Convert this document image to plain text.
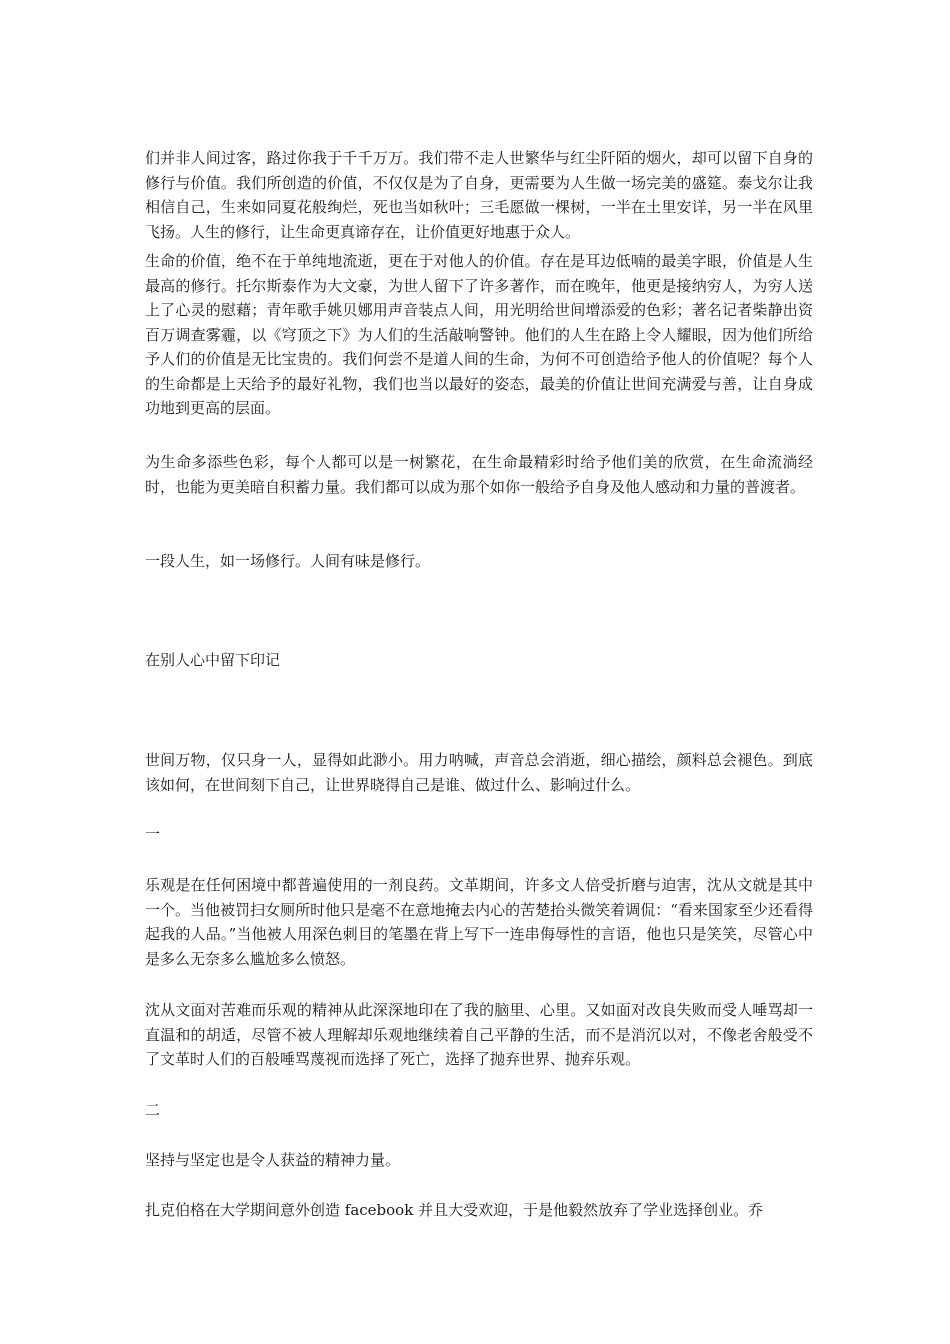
们并非人间过客，路过你我于千千万万。我们带不走人世繁华与红尘阡陌的烟火，却可以留下自身的修行与价值。我们所创造的价值，不仅仅是为了自身，更需要为人生做一场完美的盛筵。泰戈尔让我相信自己，生来如同夏花般绚烂，死也当如秋叶；三毛愿做一棵树，一半在土里安详，另一半在风里飞扬。人生的修行，让生命更真谛存在，让价值更好地惠于众人。

生命的价值，绝不在于单纯地流逝，更在于对他人的价值。存在是耳边低喃的最美字眼，价值是人生最高的修行。托尔斯泰作为大文豪，为世人留下了许多著作，而在晚年，他更是接纳穷人，为穷人送上了心灵的慰藉；青年歌手姚贝娜用声音装点人间，用光明给世间增添爱的色彩；著名记者柴静出资百万调查雾霾，以《穹顶之下》为人们的生活敲响警钟。他们的人生在路上令人耀眼，因为他们所给予人们的价值是无比宝贵的。我们何尝不是道人间的生命，为何不可创造给予他人的价值呢？每个人的生命都是上天给予的最好礼物，我们也当以最好的姿态，最美的价值让世间充满爱与善，让自身成功地到更高的层面。

为生命多添些色彩，每个人都可以是一树繁花，在生命最精彩时给予他们美的欣赏，在生命流淌经时，也能为更美暗自积蓄力量。我们都可以成为那个如你一般给予自身及他人感动和力量的普渡者。

一段人生，如一场修行。人间有味是修行。

在别人心中留下印记

世间万物，仅只身一人，显得如此渺小。用力呐喊，声音总会消逝，细心描绘，颜料总会褪色。到底该如何，在世间刻下自己，让世界晓得自己是谁、做过什么、影响过什么。

一

乐观是在任何困境中都普遍使用的一剂良药。文革期间，许多文人倍受折磨与迫害，沈从文就是其中一个。当他被罚扫女厕所时他只是毫不在意地掩去内心的苦楚抬头微笑着调侃：“看来国家至少还看得起我的人品。”当他被人用深色刺目的笔墨在背上写下一连串侮辱性的言语，他也只是笑笑，尽管心中是多么无奈多么尴尬多么愤怒。

沈从文面对苦难而乐观的精神从此深深地印在了我的脑里、心里。又如面对改良失败而受人唾骂却一直温和的胡适，尽管不被人理解却乐观地继续着自己平静的生活，而不是消沉以对，不像老舍般受不了文革时人们的百般唾骂蔑视而选择了死亡，选择了抛弃世界、抛弃乐观。

二

坚持与坚定也是令人获益的精神力量。

扎克伯格在大学期间意外创造 facebook 并且大受欢迎，于是他毅然放弃了学业选择创业。乔
